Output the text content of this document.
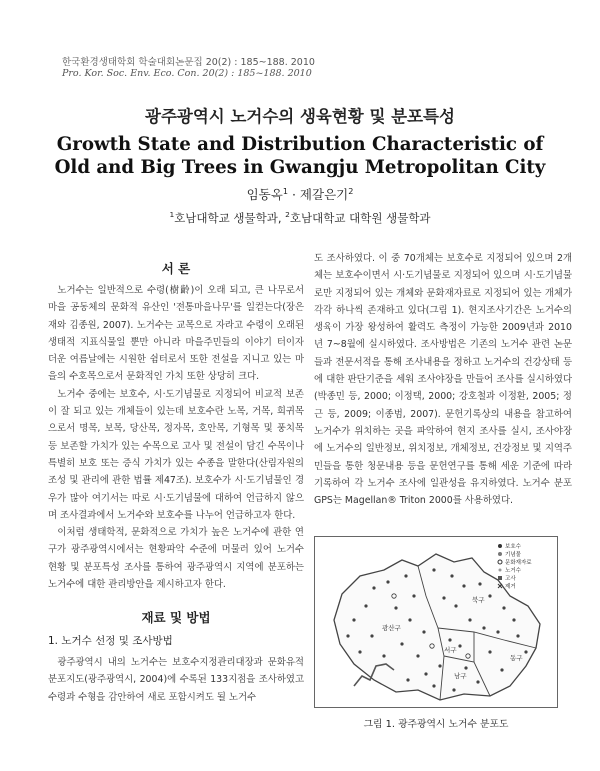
한국환경생태학회 학술대회논문집 20(2) : 185~188. 2010
Pro. Kor. Soc. Env. Eco. Con. 20(2) : 185~188. 2010
광주광역시 노거수의 생육현황 및 분포특성
Growth State and Distribution Characteristic of Old and Big Trees in Gwangju Metropolitan City
임동옥$^1$ · 제갈은기$^2$
$^1$호남대학교 생물학과, $^2$호남대학교 대학원 생물학과
서 론

노거수는 일반적으로 수령(樹齡)이 오래 되고, 큰 나무로서 마을 공동체의 문화적 유산인 '전통마을나무'를 일컫는다(장은재와 김종원, 2007). 노거수는 교목으로 자라고 수령이 오래된 생태적 지표식물일 뿐만 아니라 마을주민들의 이야기 터이자 더운 여름날에는 시원한 쉼터로서 또한 전설을 지니고 있는 마을의 수호목으로서 문화적인 가치 또한 상당히 크다.

노거수 중에는 보호수, 시·도기념물로 지정되어 비교적 보존이 잘 되고 있는 개체들이 있는데 보호수란 노목, 거목, 희귀목으로서 명목, 보목, 당산목, 정자목, 호안목, 기형목 및 풍치목 등 보존할 가치가 있는 수목으로 고사 및 전설이 담긴 수목이나 특별히 보호 또는 증식 가치가 있는 수종을 말한다(산림자원의 조성 및 관리에 관한 법률 제47조). 보호수가 시·도기념물인 경우가 많아 여기서는 따로 시·도기념물에 대하여 언급하지 않으며 조사결과에서 노거수와 보호수를 나누어 언급하고자 한다.

이처럼 생태학적, 문화적으로 가치가 높은 노거수에 관한 연구가 광주광역시에서는 현황파악 수준에 머물러 있어 노거수 현황 및 분포특성 조사를 통하여 광주광역시 지역에 분포하는 노거수에 대한 관리방안을 제시하고자 한다.

재료 및 방법
1. 노거수 선정 및 조사방법

광주광역시 내의 노거수는 보호수지정관리대장과 문화유적분포지도(광주광역시, 2004)에 수록된 133지점을 조사하였고 수령과 수형을 감안하여 새로 포함시켜도 될 노거수

도 조사하였다. 이 중 70개체는 보호수로 지정되어 있으며 2개체는 보호수이면서 시·도기념물로 지정되어 있으며 시·도기념물로만 지정되어 있는 개체와 문화재자료로 지정되어 있는 개체가 각각 하나씩 존재하고 있다(그림 1). 현지조사기간은 노거수의 생육이 가장 왕성하여 활력도 측정이 가능한 2009년과 2010년 7~8월에 실시하였다. 조사방법은 기존의 노거수 관련 논문들과 전문서적을 통해 조사내용을 정하고 노거수의 건강상태 등에 대한 판단기준을 세워 조사야장을 만들어 조사를 실시하였다(박종민 등, 2000; 이정택, 2000; 강호철과 이정환, 2005; 정근 등, 2009; 이종범, 2007). 문헌기록상의 내용을 참고하여 노거수가 위치하는 곳을 파악하여 현지 조사를 실시, 조사야장에 노거수의 일반정보, 위치정보, 개체정보, 건강정보 및 지역주민들을 통한 청문내용 등을 문헌연구를 통해 세운 기준에 따라 기록하여 각 노거수 조사에 일관성을 유지하였다. 노거수 분포 GPS는 Magellan® Triton 2000를 사용하였다.

보호수
기념물
문화재자료
노거수
고사
제거
북구
광산구
서구
남구
동구
그림 1. 광주광역시 노거수 분포도
